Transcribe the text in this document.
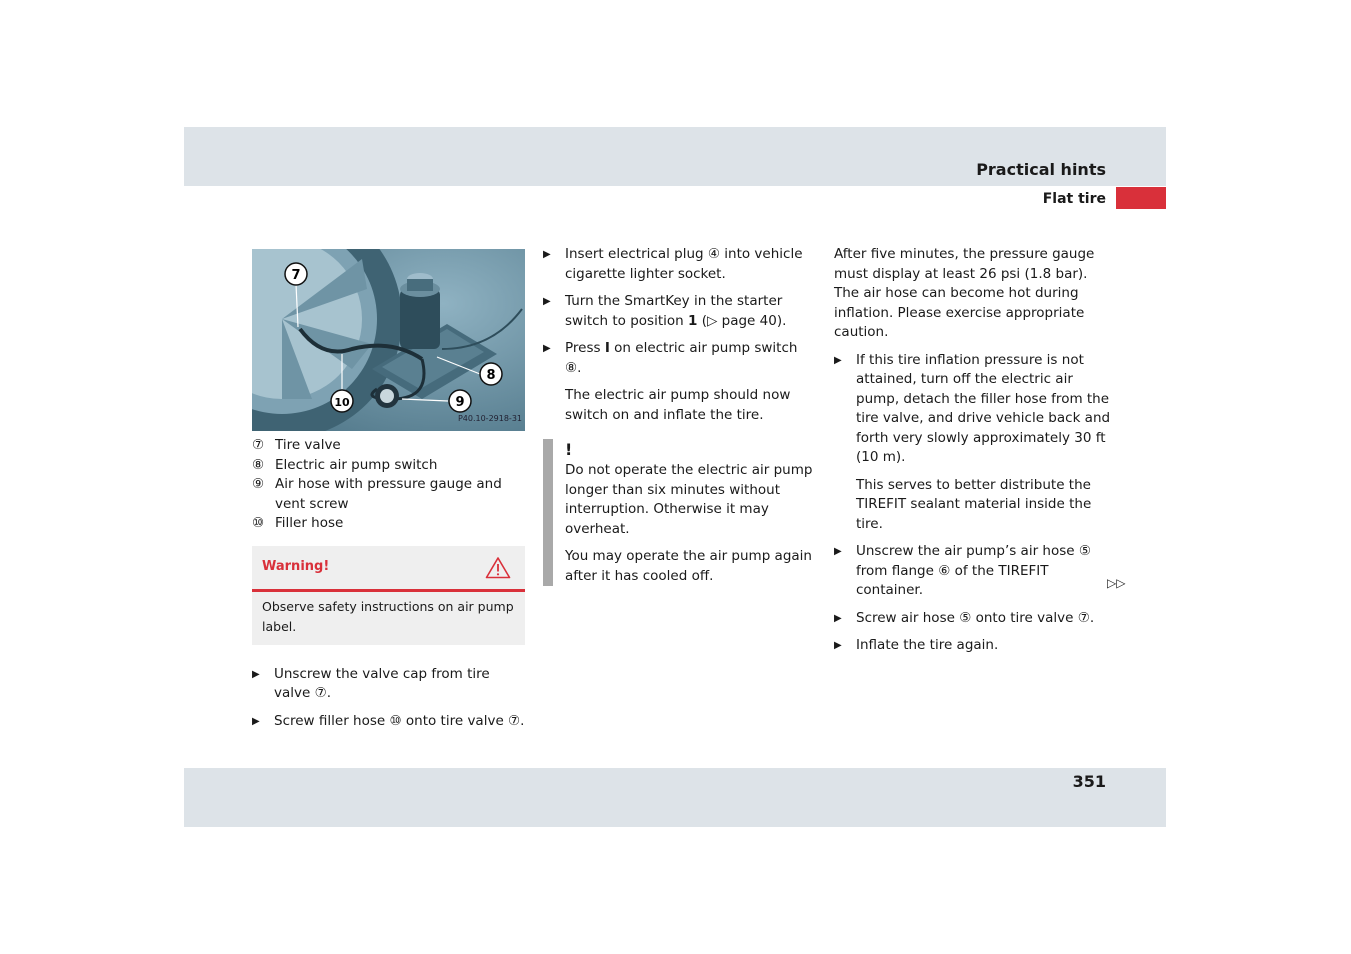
Practical hints
Flat tire
7
8
9
10
P40.10-2918-31
⑦ Tire valve
⑧ Electric air pump switch
⑨ Air hose with pressure gauge and vent screw
⑩ Filler hose
Warning!
Observe safety instructions on air pump label.
▶	Unscrew the valve cap from tire valve ⑦.
▶	Screw filler hose ⑩ onto tire valve ⑦.
▶	Insert electrical plug ④ into vehicle cigarette lighter socket.
▶	Turn the SmartKey in the starter switch to position 1 (▷ page 40).
▶	Press I on electric air pump switch ⑧.

The electric air pump should now switch on and inflate the tire.

!

Do not operate the electric air pump longer than six minutes without interruption. Otherwise it may overheat.

You may operate the air pump again after it has cooled off.

After five minutes, the pressure gauge must display at least 26 psi (1.8 bar). The air hose can become hot during inflation. Please exercise appropriate caution.

▶	If this tire inflation pressure is not attained, turn off the electric air pump, detach the filler hose from the tire valve, and drive vehicle back and forth very slowly approximately 30 ft (10 m).

This serves to better distribute the TIREFIT sealant material inside the tire.

▶	Unscrew the air pump’s air hose ⑤ from flange ⑥ of the TIREFIT container.
▶	Screw air hose ⑤ onto tire valve ⑦.
▶	Inflate the tire again.
▷▷
351
